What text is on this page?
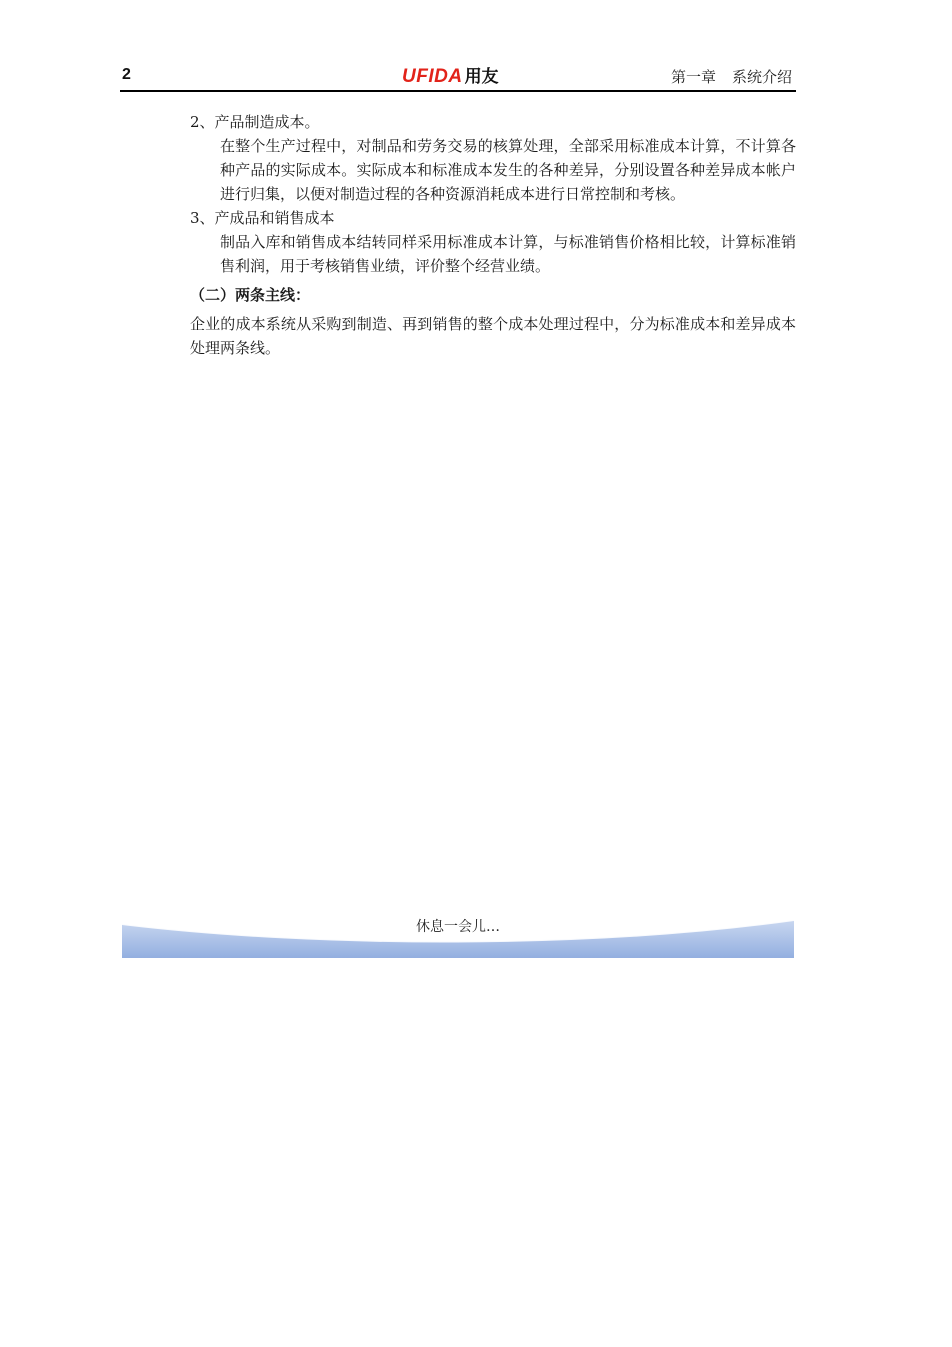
2	UFIDA 用友	第一章 系统介绍

2、产品制造成本。

在整个生产过程中，对制品和劳务交易的核算处理，全部采用标准成本计算，不计算各种产品的实际成本。实际成本和标准成本发生的各种差异，分别设置各种差异成本帐户进行归集，以便对制造过程的各种资源消耗成本进行日常控制和考核。

3、产成品和销售成本

制品入库和销售成本结转同样采用标准成本计算，与标准销售价格相比较，计算标准销售利润，用于考核销售业绩，评价整个经营业绩。

（二）两条主线：

企业的成本系统从采购到制造、再到销售的整个成本处理过程中，分为标准成本和差异成本处理两条线。

休息一会儿…
